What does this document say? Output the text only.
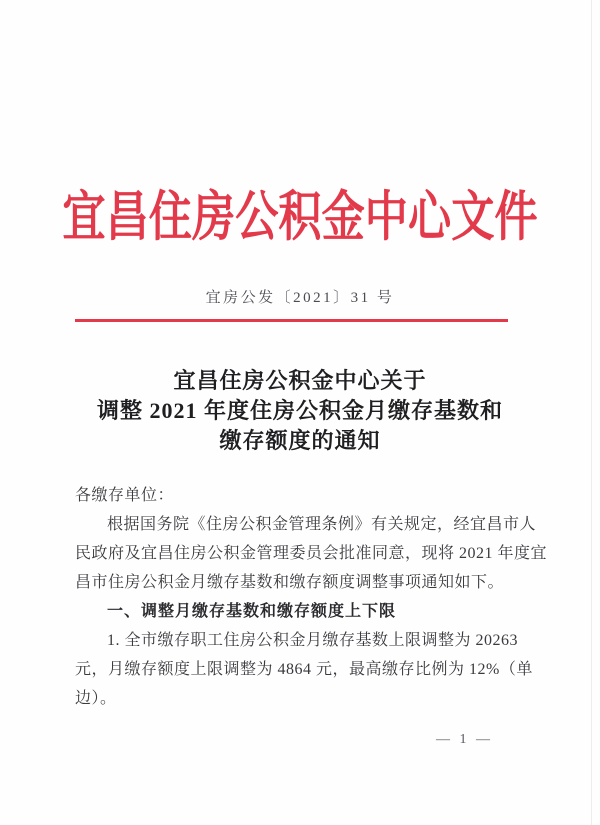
宜昌住房公积金中心文件
宜房公发〔2021〕31 号
宜昌住房公积金中心关于
调整 2021 年度住房公积金月缴存基数和
缴存额度的通知
各缴存单位：
根据国务院《住房公积金管理条例》有关规定，经宜昌市人
民政府及宜昌住房公积金管理委员会批准同意，现将 2021 年度宜
昌市住房公积金月缴存基数和缴存额度调整事项通知如下。
一、调整月缴存基数和缴存额度上下限
1. 全市缴存职工住房公积金月缴存基数上限调整为 20263
元，月缴存额度上限调整为 4864 元，最高缴存比例为 12%（单
边）。
— 1 —
